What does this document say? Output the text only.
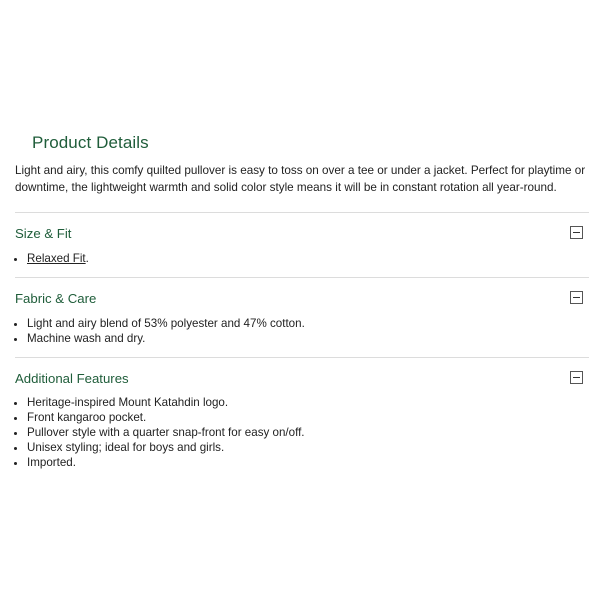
Product Details

Light and airy, this comfy quilted pullover is easy to toss on over a tee or under a jacket. Perfect for playtime or downtime, the lightweight warmth and solid color style means it will be in constant rotation all year-round.

Size & Fit
• Relaxed Fit.
Fabric & Care
• Light and airy blend of 53% polyester and 47% cotton.
• Machine wash and dry.
Additional Features
• Heritage-inspired Mount Katahdin logo.
• Front kangaroo pocket.
• Pullover style with a quarter snap-front for easy on/off.
• Unisex styling; ideal for boys and girls.
• Imported.
